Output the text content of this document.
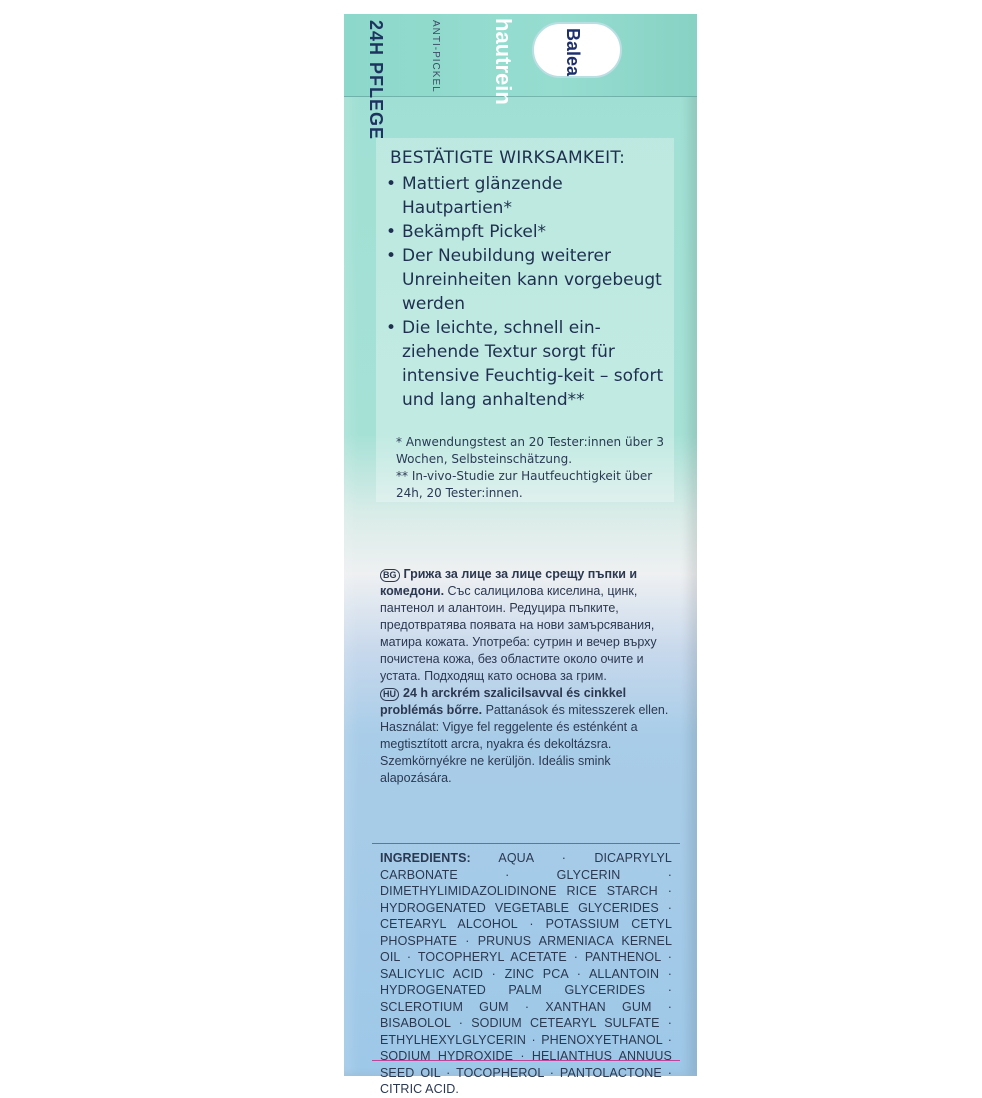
Balea
hautrein
ANTI-PICKEL
24H PFLEGE
BESTÄTIGTE WIRKSAMKEIT:
• Mattiert glänzende Hautpartien*
• Bekämpft Pickel*
• Der Neubildung weiterer Unreinheiten kann vorgebeugt werden
• Die leichte, schnell ein-ziehende Textur sorgt für intensive Feuchtig-keit – sofort und lang anhaltend**
* Anwendungstest an 20 Tester:innen über 3 Wochen, Selbsteinschätzung.
** In-vivo-Studie zur Hautfeuchtigkeit über 24h, 20 Tester:innen.

BG Грижа за лице за лице срещу пъпки и комедони. Със салицилова киселина, цинк, пантенол и алантоин. Редуцира пъпките, предотвратява появата на нови замърсявания, матира кожата. Употреба: сутрин и вечер върху почистена кожа, без областите около очите и устата. Подходящ като основа за грим.

HU 24 h arckrém szalicilsavval és cinkkel problémás bőrre. Pattanások és mitesszerek ellen. Használat: Vigye fel reggelente és esténként a megtisztított arcra, nyakra és dekoltázsra. Szemkörnyékre ne kerüljön. Ideális smink alapozására.

INGREDIENTS: AQUA · DICAPRYLYL CARBONATE · GLYCERIN · DIMETHYLIMIDAZOLIDINONE RICE STARCH · HYDROGENATED VEGETABLE GLYCERIDES · CETEARYL ALCOHOL · POTASSIUM CETYL PHOSPHATE · PRUNUS ARMENIACA KERNEL OIL · TOCOPHERYL ACETATE · PANTHENOL · SALICYLIC ACID · ZINC PCA · ALLANTOIN · HYDROGENATED PALM GLYCERIDES · SCLEROTIUM GUM · XANTHAN GUM · BISABOLOL · SODIUM CETEARYL SULFATE · ETHYLHEXYLGLYCERIN · PHENOXYETHANOL · SODIUM HYDROXIDE · HELIANTHUS ANNUUS SEED OIL · TOCOPHEROL · PANTOLACTONE · CITRIC ACID.
